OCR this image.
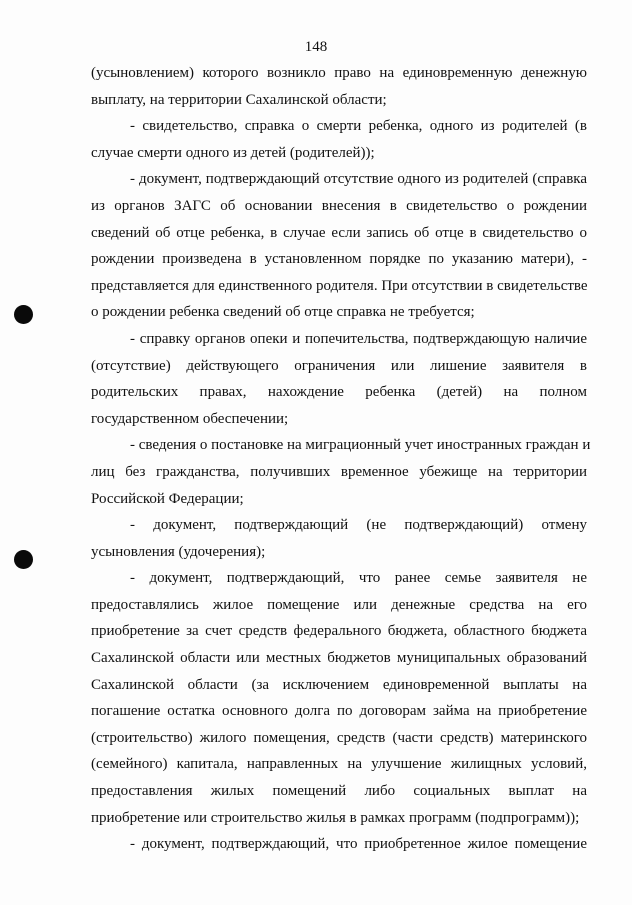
148
(усыновлением) которого возникло право на единовременную денежную
выплату, на территории Сахалинской области;
- свидетельство, справка о смерти ребенка, одного из родителей (в
случае смерти одного из детей (родителей));
- документ, подтверждающий отсутствие одного из родителей (справка
из органов ЗАГС об основании внесения в свидетельство о рождении
сведений об отце ребенка, в случае если запись об отце в свидетельство о
рождении произведена в установленном порядке по указанию матери), -
представляется для единственного родителя. При отсутствии в свидетельстве
о рождении ребенка сведений об отце справка не требуется;
- справку органов опеки и попечительства, подтверждающую наличие
(отсутствие) действующего ограничения или лишение заявителя в
родительских правах, нахождение ребенка (детей) на полном
государственном обеспечении;
- сведения о постановке на миграционный учет иностранных граждан и
лиц без гражданства, получивших временное убежище на территории
Российской Федерации;
- документ, подтверждающий (не подтверждающий) отмену
усыновления (удочерения);
- документ, подтверждающий, что ранее семье заявителя не
предоставлялись жилое помещение или денежные средства на его
приобретение за счет средств федерального бюджета, областного бюджета
Сахалинской области или местных бюджетов муниципальных образований
Сахалинской области (за исключением единовременной выплаты на
погашение остатка основного долга по договорам займа на приобретение
(строительство) жилого помещения, средств (части средств) материнского
(семейного) капитала, направленных на улучшение жилищных условий,
предоставления жилых помещений либо социальных выплат на
приобретение или строительство жилья в рамках программ (подпрограмм));
- документ, подтверждающий, что приобретенное жилое помещение
